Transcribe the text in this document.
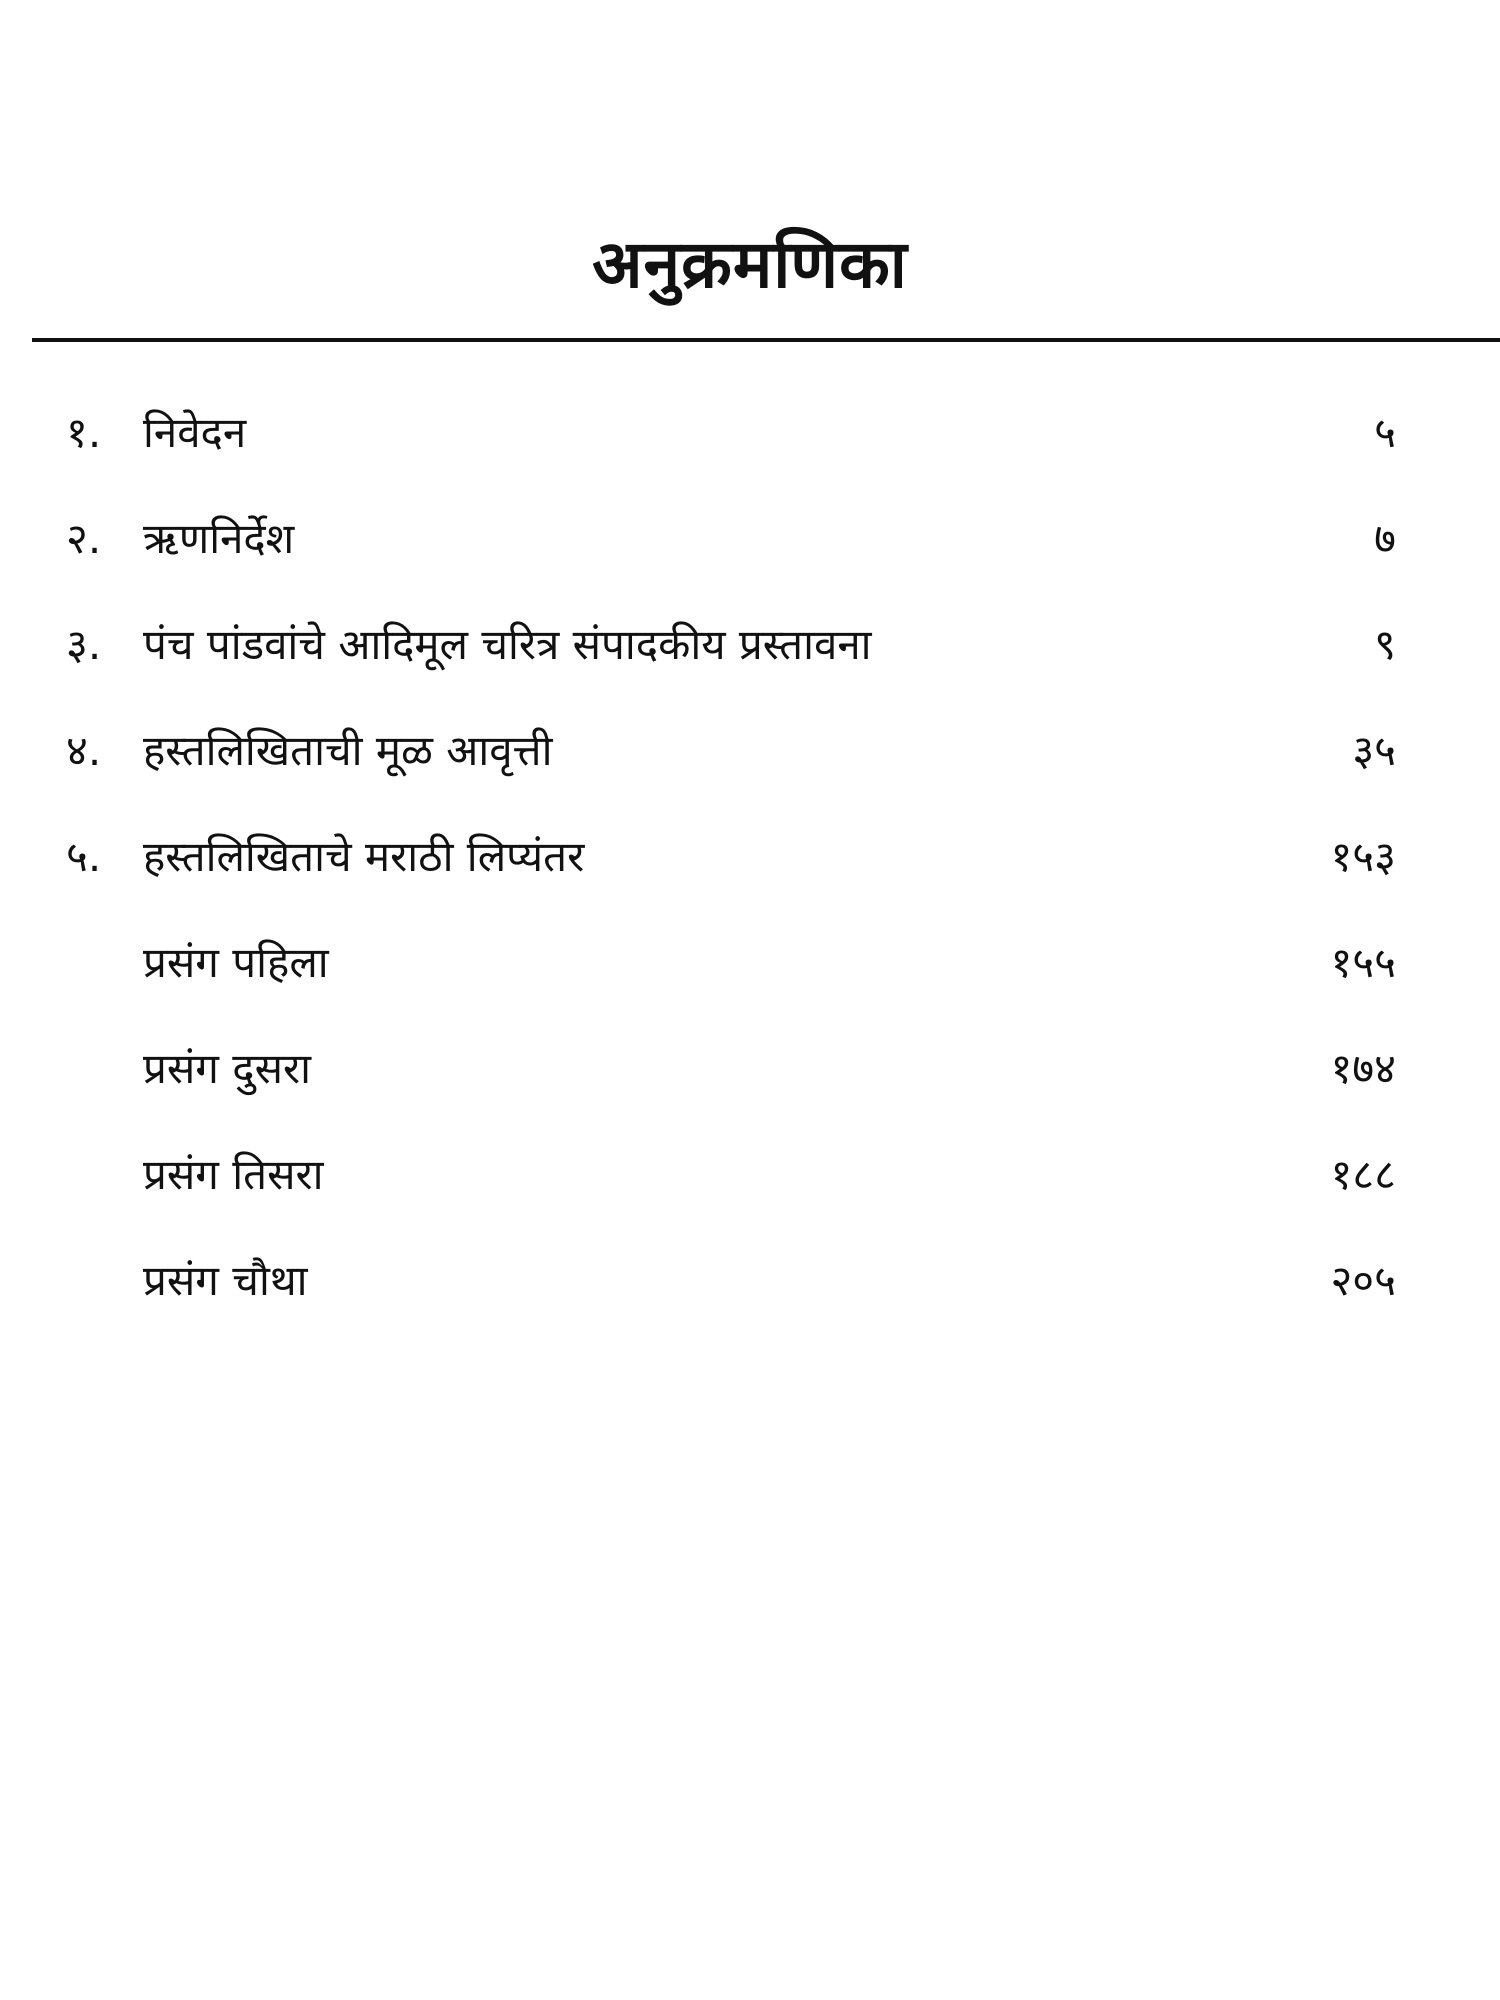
अनुक्रमणिका
१. निवेदन	५
२. ऋणनिर्देश	७
३. पंच पांडवांचे आदिमूल चरित्र संपादकीय प्रस्तावना	९
४. हस्तलिखिताची मूळ आवृत्ती	३५
५. हस्तलिखिताचे मराठी लिप्यंतर	१५३
प्रसंग पहिला	१५५
प्रसंग दुसरा	१७४
प्रसंग तिसरा	१८८
प्रसंग चौथा	२०५
